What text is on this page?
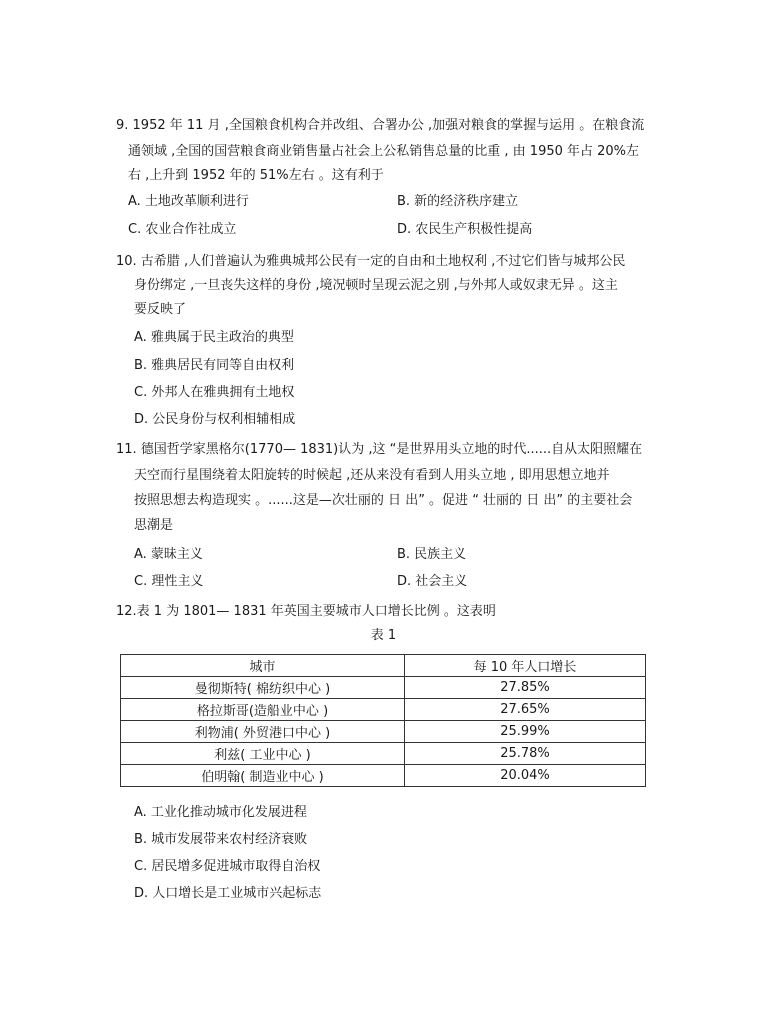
9. 1952 年 11 月 ,全国粮食机构合并改组、合署办公 ,加强对粮食的掌握与运用 。在粮食流
通领域 ,全国的国营粮食商业销售量占社会上公私销售总量的比重 , 由 1950 年占 20%左
右 ,上升到 1952 年的 51%左右 。这有利于
A. 土地改革顺利进行	B. 新的经济秩序建立
C. 农业合作社成立	D. 农民生产积极性提高
10. 古希腊 ,人们普遍认为雅典城邦公民有一定的自由和土地权利 ,不过它们皆与城邦公民
身份绑定 ,一旦丧失这样的身份 ,境况顿时呈现云泥之别 ,与外邦人或奴隶无异 。这主
要反映了
A. 雅典属于民主政治的典型
B. 雅典居民有同等自由权利
C. 外邦人在雅典拥有土地权
D. 公民身份与权利相辅相成
11. 德国哲学家黑格尔(1770— 1831)认为 ,这 “是世界用头立地的时代......自从太阳照耀在
天空而行星围绕着太阳旋转的时候起 ,还从来没有看到人用头立地 , 即用思想立地并
按照思想去构造现实 。......这是—次壮丽的 日 出” 。促进 “ 壮丽的 日 出” 的主要社会
思潮是
A. 蒙昧主义	B. 民族主义
C. 理性主义	D. 社会主义
12.表 1 为 1801— 1831 年英国主要城市人口增长比例 。这表明
表 1
城市	每 10 年人口增长
曼彻斯特( 棉纺织中心 )	27.85%
格拉斯哥(造船业中心 )	27.65%
利物浦( 外贸港口中心 )	25.99%
利兹( 工业中心 )	25.78%
伯明翰( 制造业中心 )	20.04%
A. 工业化推动城市化发展进程
B. 城市发展带来农村经济衰败
C. 居民增多促进城市取得自治权
D. 人口增长是工业城市兴起标志
